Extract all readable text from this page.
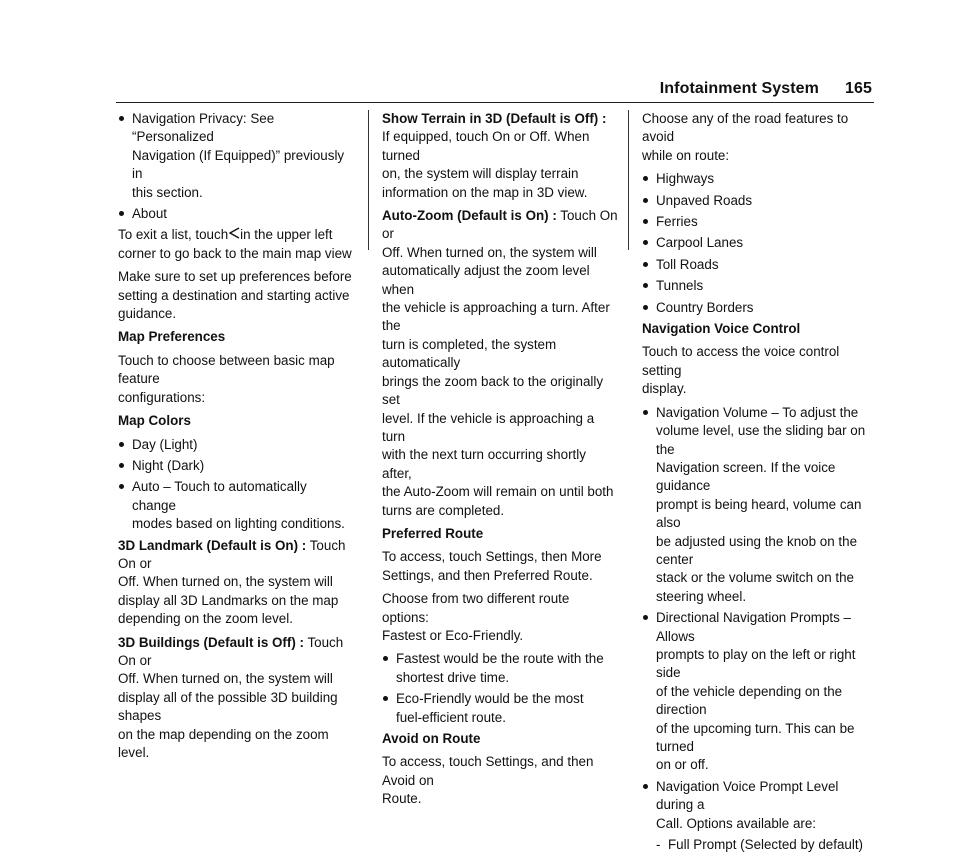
Infotainment System 165
Navigation Privacy: See “Personalized
Navigation (If Equipped)” previously in
this section.
About

To exit a list, touch in the upper left
corner to go back to the main map view

Make sure to set up preferences before
setting a destination and starting active
guidance.

Map Preferences

Touch to choose between basic map feature
configurations:

Map Colors

Day (Light)
Night (Dark)
Auto – Touch to automatically change
modes based on lighting conditions.

3D Landmark (Default is On) : Touch On or
Off. When turned on, the system will
display all 3D Landmarks on the map
depending on the zoom level.

3D Buildings (Default is Off) : Touch On or
Off. When turned on, the system will
display all of the possible 3D building shapes
on the map depending on the zoom level.

Show Terrain in 3D (Default is Off) :
If equipped, touch On or Off. When turned
on, the system will display terrain
information on the map in 3D view.

Auto-Zoom (Default is On) : Touch On or
Off. When turned on, the system will
automatically adjust the zoom level when
the vehicle is approaching a turn. After the
turn is completed, the system automatically
brings the zoom back to the originally set
level. If the vehicle is approaching a turn
with the next turn occurring shortly after,
the Auto-Zoom will remain on until both
turns are completed.

Preferred Route

To access, touch Settings, then More
Settings, and then Preferred Route.

Choose from two different route options:
Fastest or Eco-Friendly.

Fastest would be the route with the
shortest drive time.
Eco-Friendly would be the most
fuel-efficient route.

Avoid on Route

To access, touch Settings, and then Avoid on
Route.

Choose any of the road features to avoid
while on route:

Highways
Unpaved Roads
Ferries
Carpool Lanes
Toll Roads
Tunnels
Country Borders

Navigation Voice Control

Touch to access the voice control setting
display.

Navigation Volume – To adjust the
volume level, use the sliding bar on the
Navigation screen. If the voice guidance
prompt is being heard, volume can also
be adjusted using the knob on the center
stack or the volume switch on the
steering wheel.
Directional Navigation Prompts – Allows
prompts to play on the left or right side
of the vehicle depending on the direction
of the upcoming turn. This can be turned
on or off.
Navigation Voice Prompt Level during a
Call. Options available are:
- Full Prompt (Selected by default)
